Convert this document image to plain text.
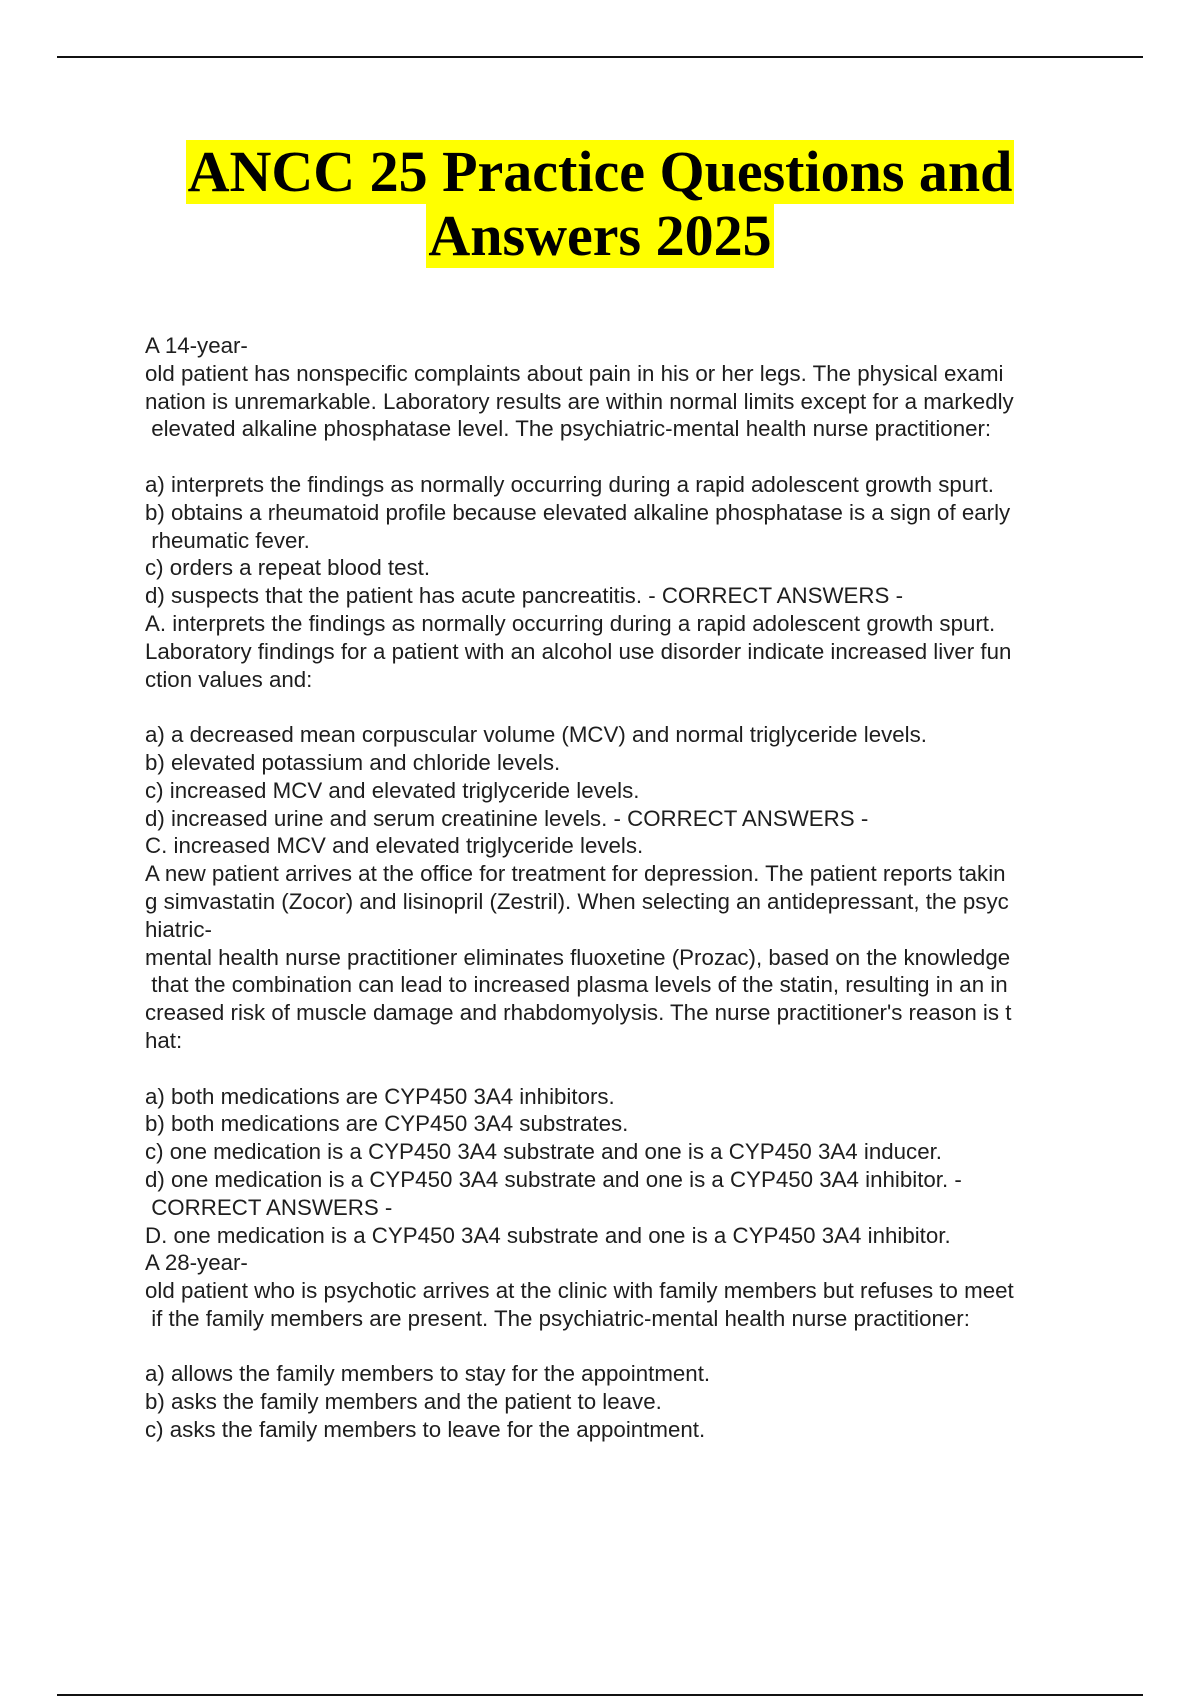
ANCC 25 Practice Questions and
Answers 2025
A 14-year-
old patient has nonspecific complaints about pain in his or her legs. The physical exami
nation is unremarkable. Laboratory results are within normal limits except for a markedly
elevated alkaline phosphatase level. The psychiatric-mental health nurse practitioner:
a) interprets the findings as normally occurring during a rapid adolescent growth spurt.
b) obtains a rheumatoid profile because elevated alkaline phosphatase is a sign of early
rheumatic fever.
c) orders a repeat blood test.
d) suspects that the patient has acute pancreatitis. - CORRECT ANSWERS -
A. interprets the findings as normally occurring during a rapid adolescent growth spurt.
Laboratory findings for a patient with an alcohol use disorder indicate increased liver fun
ction values and:
a) a decreased mean corpuscular volume (MCV) and normal triglyceride levels.
b) elevated potassium and chloride levels.
c) increased MCV and elevated triglyceride levels.
d) increased urine and serum creatinine levels. - CORRECT ANSWERS -
C. increased MCV and elevated triglyceride levels.
A new patient arrives at the office for treatment for depression. The patient reports takin
g simvastatin (Zocor) and lisinopril (Zestril). When selecting an antidepressant, the psyc
hiatric-
mental health nurse practitioner eliminates fluoxetine (Prozac), based on the knowledge
that the combination can lead to increased plasma levels of the statin, resulting in an in
creased risk of muscle damage and rhabdomyolysis. The nurse practitioner's reason is t
hat:
a) both medications are CYP450 3A4 inhibitors.
b) both medications are CYP450 3A4 substrates.
c) one medication is a CYP450 3A4 substrate and one is a CYP450 3A4 inducer.
d) one medication is a CYP450 3A4 substrate and one is a CYP450 3A4 inhibitor. -
CORRECT ANSWERS -
D. one medication is a CYP450 3A4 substrate and one is a CYP450 3A4 inhibitor.
A 28-year-
old patient who is psychotic arrives at the clinic with family members but refuses to meet
if the family members are present. The psychiatric-mental health nurse practitioner:
a) allows the family members to stay for the appointment.
b) asks the family members and the patient to leave.
c) asks the family members to leave for the appointment.
